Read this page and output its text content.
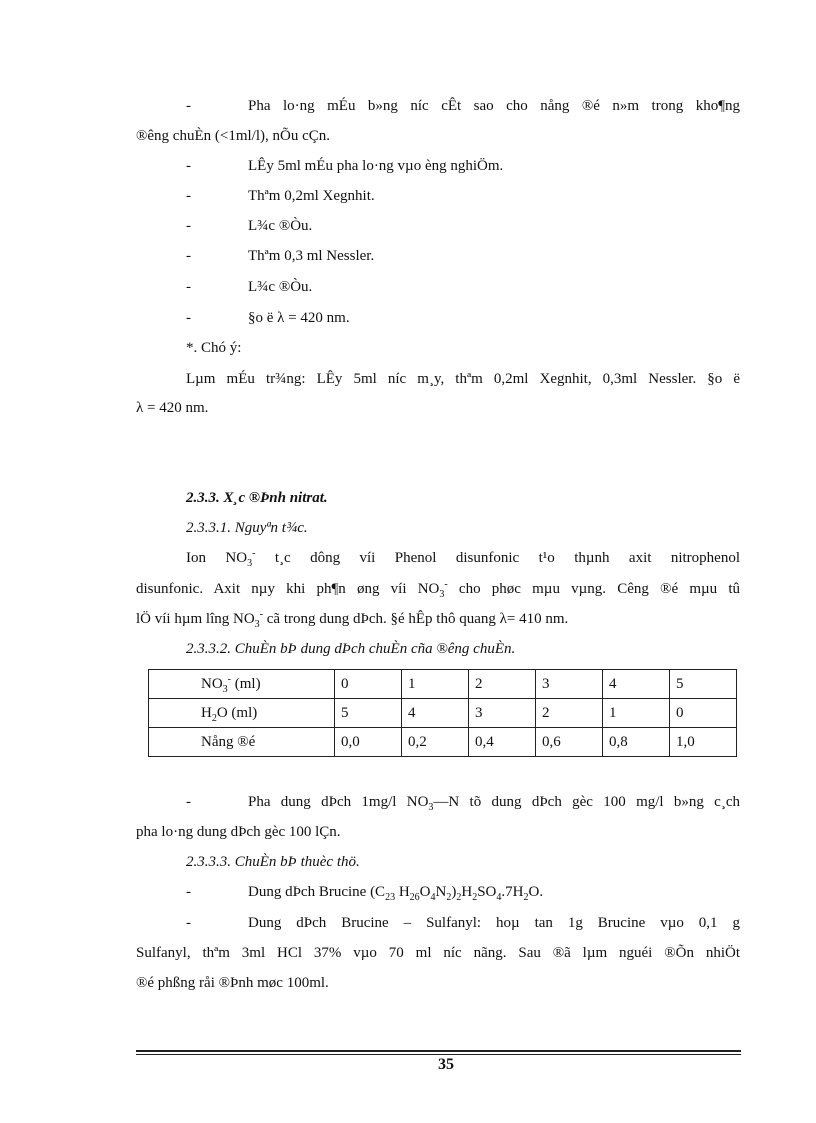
-	Pha lo·ng mÉu b»ng níc cÊt sao cho nång ®é n»m trong kho¶ng
®êng chuÈn (<1ml/l), nÕu cÇn.
-	LÊy 5ml mÉu pha lo·ng vµo èng nghiÖm.
-	Thªm 0,2ml Xegnhit.
-	L¾c ®Òu.
-	Thªm 0,3 ml Nessler.
-	L¾c ®Òu.
-	§o ë λ = 420 nm.
*. Chó ý:
Lµm mÉu tr¾ng: LÊy 5ml níc m¸y, thªm 0,2ml Xegnhit, 0,3ml Nessler. §o ë
λ = 420 nm.
2.3.3. X¸c ®Þnh nitrat.
2.3.3.1. Nguyªn t¾c.
Ion $NO_3^-$ t¸c dông víi Phenol disunfonic t¹o thµnh axit nitrophenol
disunfonic. Axit nµy khi ph¶n øng víi $NO_3^-$ cho phøc mµu vµng. Cêng ®é mµu tû
lÖ víi hµm lîng $NO_3^-$ cã trong dung dÞch. §é hÊp thô quang λ= 410 nm.
2.3.3.2. ChuÈn bÞ dung dÞch chuÈn cña ®êng chuÈn.
$NO_3^-$ (ml)	0	1	2	3	4	5
$H_2O$ (ml)	5	4	3	2	1	0
Nång ®é	0,0	0,2	0,4	0,6	0,8	1,0
-	Pha dung dÞch 1mg/l $NO_3—N$ tõ dung dÞch gèc 100 mg/l b»ng c¸ch
pha lo·ng dung dÞch gèc 100 lÇn.
2.3.3.3. ChuÈn bÞ thuèc thö.
-	Dung dÞch Brucine ($C_{23}$ $H_{26}O_4N_2)_2H_2SO_4.7H_2O$.
-	Dung dÞch Brucine – Sulfanyl: hoµ tan 1g Brucine vµo 0,1 g
Sulfanyl, thªm 3ml HCl 37% vµo 70 ml níc nãng. Sau ®ã lµm nguéi ®Õn nhiÖt
®é phßng råi ®Þnh møc 100ml.
35
